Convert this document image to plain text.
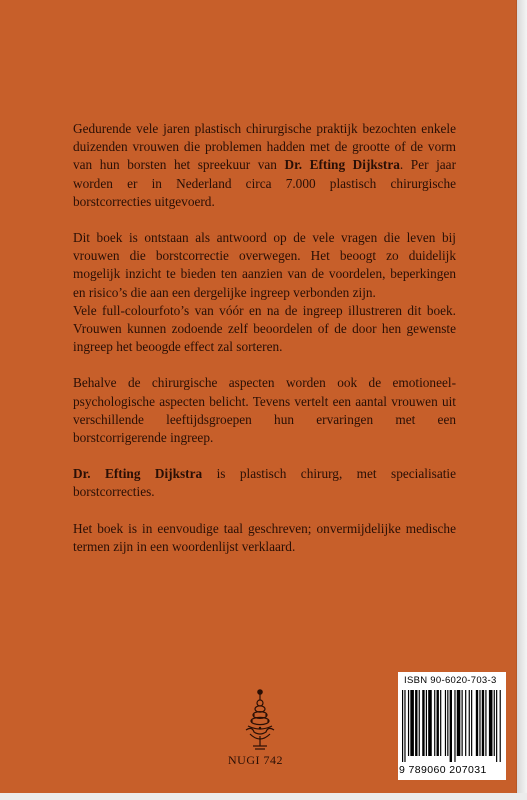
Gedurende vele jaren plastisch chirurgische praktijk bezochten enkele duizenden vrouwen die problemen hadden met de grootte of de vorm van hun borsten het spreekuur van Dr. Efting Dijkstra. Per jaar worden er in Nederland circa 7.000 plastisch chirurgische borstcorrecties uitgevoerd.

Dit boek is ontstaan als antwoord op de vele vragen die leven bij vrouwen die borstcorrectie overwegen. Het beoogt zo duidelijk mogelijk inzicht te bieden ten aanzien van de voordelen, beperkingen en risico’s die aan een dergelijke ingreep verbonden zijn.

Vele full-colourfoto’s van vóór en na de ingreep illustreren dit boek. Vrouwen kunnen zodoende zelf beoordelen of de door hen gewenste ingreep het beoogde effect zal sorteren.

Behalve de chirurgische aspecten worden ook de emotioneel-psychologische aspecten belicht. Tevens vertelt een aantal vrouwen uit verschillende leeftijdsgroepen hun ervaringen met een borstcorrigerende ingreep.

Dr. Efting Dijkstra is plastisch chirurg, met specialisatie borstcorrecties.

Het boek is in eenvoudige taal geschreven; onvermijdelijke medische termen zijn in een woordenlijst verklaard.

NUGI 742
ISBN 90-6020-703-3
9 789060 207031
